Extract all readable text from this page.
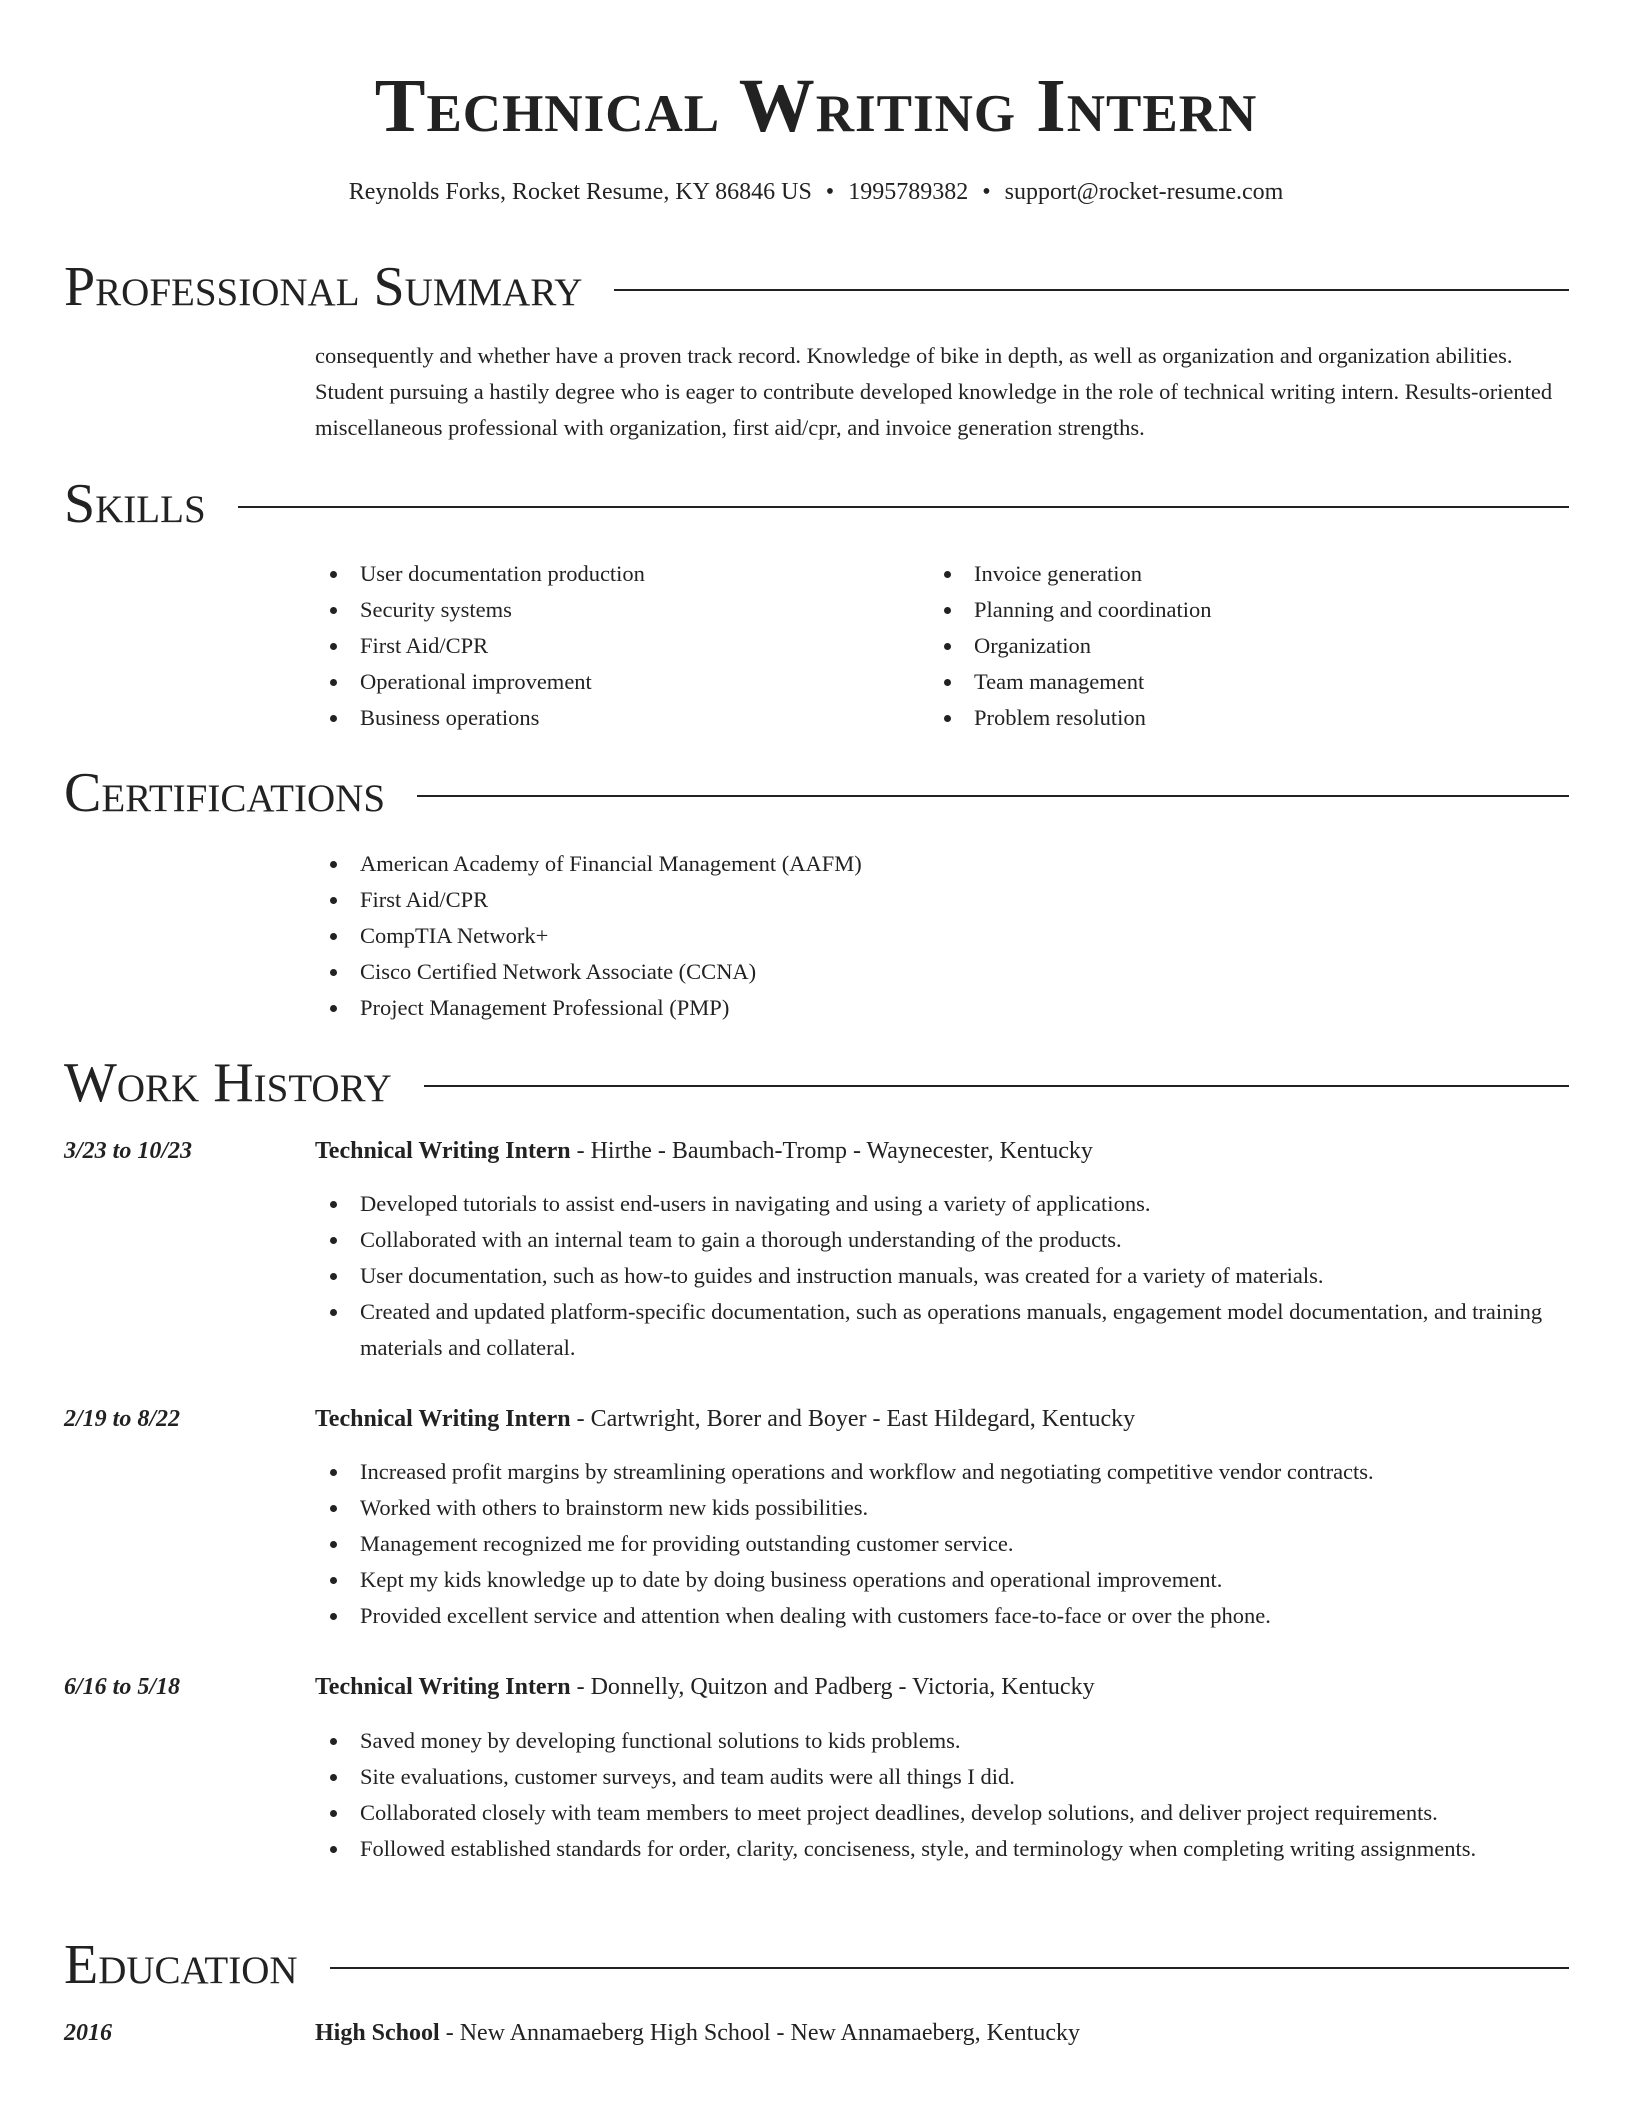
Technical Writing Intern
Reynolds Forks, Rocket Resume, KY 86846 US • 1995789382 • support@rocket-resume.com
Professional Summary

consequently and whether have a proven track record. Knowledge of bike in depth, as well as organization and organization abilities. Student pursuing a hastily degree who is eager to contribute developed knowledge in the role of technical writing intern. Results-oriented miscellaneous professional with organization, first aid/cpr, and invoice generation strengths.

Skills
User documentation production
Security systems
First Aid/CPR
Operational improvement
Business operations
Invoice generation
Planning and coordination
Organization
Team management
Problem resolution
Certifications
American Academy of Financial Management (AAFM)
First Aid/CPR
CompTIA Network+
Cisco Certified Network Associate (CCNA)
Project Management Professional (PMP)
Work History
3/23 to 10/23	Technical Writing Intern - Hirthe - Baumbach-Tromp - Waynecester, Kentucky
Developed tutorials to assist end-users in navigating and using a variety of applications.
Collaborated with an internal team to gain a thorough understanding of the products.
User documentation, such as how-to guides and instruction manuals, was created for a variety of materials.
Created and updated platform-specific documentation, such as operations manuals, engagement model documentation, and training materials and collateral.
2/19 to 8/22	Technical Writing Intern - Cartwright, Borer and Boyer - East Hildegard, Kentucky
Increased profit margins by streamlining operations and workflow and negotiating competitive vendor contracts.
Worked with others to brainstorm new kids possibilities.
Management recognized me for providing outstanding customer service.
Kept my kids knowledge up to date by doing business operations and operational improvement.
Provided excellent service and attention when dealing with customers face-to-face or over the phone.
6/16 to 5/18	Technical Writing Intern - Donnelly, Quitzon and Padberg - Victoria, Kentucky
Saved money by developing functional solutions to kids problems.
Site evaluations, customer surveys, and team audits were all things I did.
Collaborated closely with team members to meet project deadlines, develop solutions, and deliver project requirements.
Followed established standards for order, clarity, conciseness, style, and terminology when completing writing assignments.
Education
2016	High School - New Annamaeberg High School - New Annamaeberg, Kentucky
